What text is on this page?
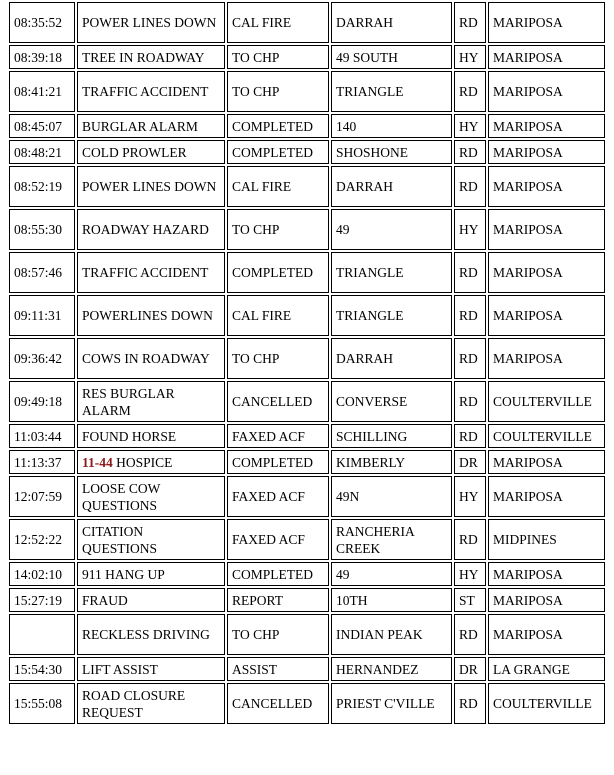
08:35:52	POWER LINES DOWN	CAL FIRE	DARRAH	RD	MARIPOSA
08:39:18	TREE IN ROADWAY	TO CHP	49 SOUTH	HY	MARIPOSA
08:41:21	TRAFFIC ACCIDENT	TO CHP	TRIANGLE	RD	MARIPOSA
08:45:07	BURGLAR ALARM	COMPLETED	140	HY	MARIPOSA
08:48:21	COLD PROWLER	COMPLETED	SHOSHONE	RD	MARIPOSA
08:52:19	POWER LINES DOWN	CAL FIRE	DARRAH	RD	MARIPOSA
08:55:30	ROADWAY HAZARD	TO CHP	49	HY	MARIPOSA
08:57:46	TRAFFIC ACCIDENT	COMPLETED	TRIANGLE	RD	MARIPOSA
09:11:31	POWERLINES DOWN	CAL FIRE	TRIANGLE	RD	MARIPOSA
09:36:42	COWS IN ROADWAY	TO CHP	DARRAH	RD	MARIPOSA
09:49:18	RES BURGLAR ALARM	CANCELLED	CONVERSE	RD	COULTERVILLE
11:03:44	FOUND HORSE	FAXED ACF	SCHILLING	RD	COULTERVILLE
11:13:37	11-44 HOSPICE	COMPLETED	KIMBERLY	DR	MARIPOSA
12:07:59	LOOSE COW QUESTIONS	FAXED ACF	49N	HY	MARIPOSA
12:52:22	CITATION QUESTIONS	FAXED ACF	RANCHERIA CREEK	RD	MIDPINES
14:02:10	911 HANG UP	COMPLETED	49	HY	MARIPOSA
15:27:19	FRAUD	REPORT	10TH	ST	MARIPOSA
	RECKLESS DRIVING	TO CHP	INDIAN PEAK	RD	MARIPOSA
15:54:30	LIFT ASSIST	ASSIST	HERNANDEZ	DR	LA GRANGE
15:55:08	ROAD CLOSURE REQUEST	CANCELLED	PRIEST C'VILLE	RD	COULTERVILLE
